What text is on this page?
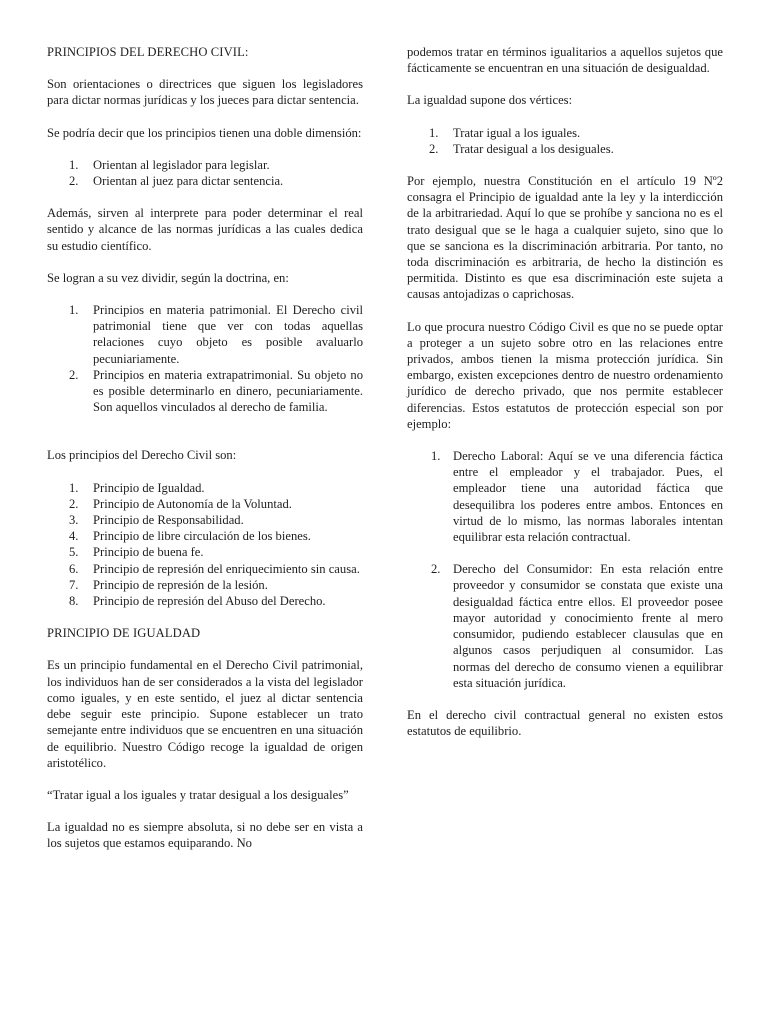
PRINCIPIOS DEL DERECHO CIVIL:

Son orientaciones o directrices que siguen los legisladores para dictar normas jurídicas y los jueces para dictar sentencia.

Se podría decir que los principios tienen una doble dimensión:

1. Orientan al legislador para legislar.
2. Orientan al juez para dictar sentencia.

Además, sirven al interprete para poder determinar el real sentido y alcance de las normas jurídicas a las cuales dedica su estudio científico.

Se logran a su vez dividir, según la doctrina, en:

1. Principios en materia patrimonial. El Derecho civil patrimonial tiene que ver con todas aquellas relaciones cuyo objeto es posible avaluarlo pecuniariamente.
2. Principios en materia extrapatrimonial. Su objeto no es posible determinarlo en dinero, pecuniariamente. Son aquellos vinculados al derecho de familia.

Los principios del Derecho Civil son:

1. Principio de Igualdad.
2. Principio de Autonomía de la Voluntad.
3. Principio de Responsabilidad.
4. Principio de libre circulación de los bienes.
5. Principio de buena fe.
6. Principio de represión del enriquecimiento sin causa.
7. Principio de represión de la lesión.
8. Principio de represión del Abuso del Derecho.
PRINCIPIO DE IGUALDAD

Es un principio fundamental en el Derecho Civil patrimonial, los individuos han de ser considerados a la vista del legislador como iguales, y en este sentido, el juez al dictar sentencia debe seguir este principio. Supone establecer un trato semejante entre individuos que se encuentren en una situación de equilibrio. Nuestro Código recoge la igualdad de origen aristotélico.

“Tratar igual a los iguales y tratar desigual a los desiguales”

La igualdad no es siempre absoluta, si no debe ser en vista a los sujetos que estamos equiparando. No

podemos tratar en términos igualitarios a aquellos sujetos que fácticamente se encuentran en una situación de desigualdad.

La igualdad supone dos vértices:

1. Tratar igual a los iguales.
2. Tratar desigual a los desiguales.

Por ejemplo, nuestra Constitución en el artículo 19 Nº2 consagra el Principio de igualdad ante la ley y la interdicción de la arbitrariedad. Aquí lo que se prohíbe y sanciona no es el trato desigual que se le haga a cualquier sujeto, sino que lo que se sanciona es la discriminación arbitraria. Por tanto, no toda discriminación es arbitraria, de hecho la distinción es permitida. Distinto es que esa discriminación este sujeta a causas antojadizas o caprichosas.

Lo que procura nuestro Código Civil es que no se puede optar a proteger a un sujeto sobre otro en las relaciones entre privados, ambos tienen la misma protección jurídica. Sin embargo, existen excepciones dentro de nuestro ordenamiento jurídico de derecho privado, que nos permite establecer diferencias. Estos estatutos de protección especial son por ejemplo:

1. Derecho Laboral: Aquí se ve una diferencia fáctica entre el empleador y el trabajador. Pues, el empleador tiene una autoridad fáctica que desequilibra los poderes entre ambos. Entonces en virtud de lo mismo, las normas laborales intentan equilibrar esta relación contractual.
2. Derecho del Consumidor: En esta relación entre proveedor y consumidor se constata que existe una desigualdad fáctica entre ellos. El proveedor posee mayor autoridad y conocimiento frente al mero consumidor, pudiendo establecer clausulas que en algunos casos perjudiquen al consumidor. Las normas del derecho de consumo vienen a equilibrar esta situación jurídica.

En el derecho civil contractual general no existen estos estatutos de equilibrio.
